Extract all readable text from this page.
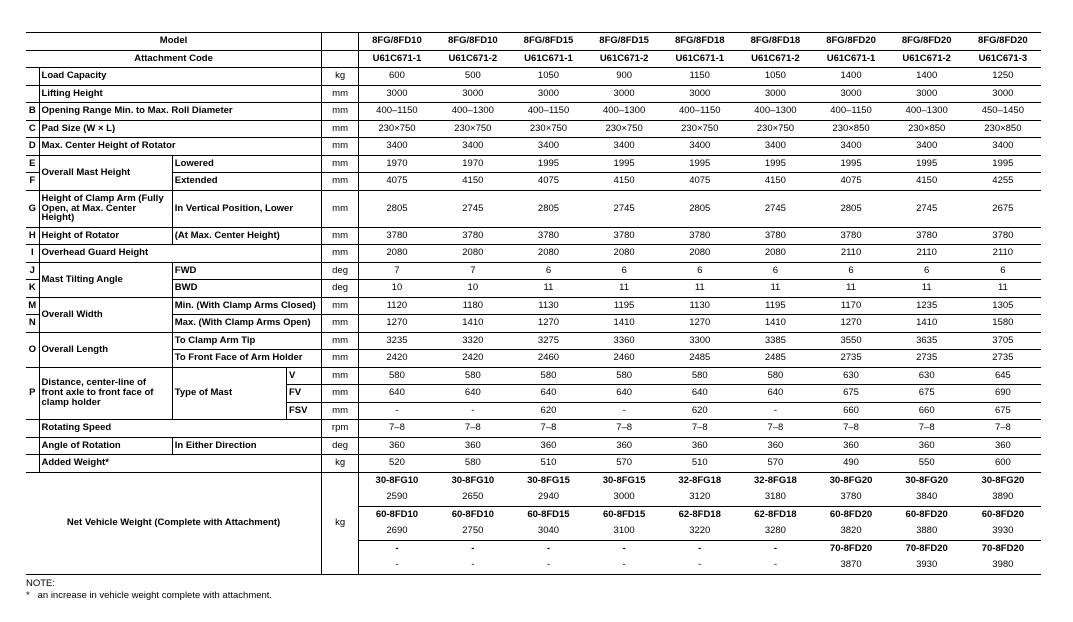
Model					8FG/8FD10	8FG/8FD10	8FG/8FD15	8FG/8FD15	8FG/8FD18	8FG/8FD18	8FG/8FD20	8FG/8FD20	8FG/8FD20
Attachment Code					U61C671-1	U61C671-2	U61C671-1	U61C671-2	U61C671-1	U61C671-2	U61C671-1	U61C671-2	U61C671-3
	Load Capacity			kg	600	500	1050	900	1150	1050	1400	1400	1250
	Lifting Height			mm	3000	3000	3000	3000	3000	3000	3000	3000	3000
B	Opening Range Min. to Max. Roll Diameter			mm	400–1150	400–1300	400–1150	400–1300	400–1150	400–1300	400–1150	400–1300	450–1450
C	Pad Size (W × L)			mm	230×750	230×750	230×750	230×750	230×750	230×750	230×850	230×850	230×850
D	Max. Center Height of Rotator			mm	3400	3400	3400	3400	3400	3400	3400	3400	3400
E	Overall Mast Height	Lowered		mm	1970	1970	1995	1995	1995	1995	1995	1995	1995
F		Extended		mm	4075	4150	4075	4150	4075	4150	4075	4150	4255
G	Height of Clamp Arm (Fully Open, at Max. Center Height)	In Vertical Position, Lower		mm	2805	2745	2805	2745	2805	2745	2805	2745	2675
H	Height of Rotator	(At Max. Center Height)		mm	3780	3780	3780	3780	3780	3780	3780	3780	3780
I	Overhead Guard Height			mm	2080	2080	2080	2080	2080	2080	2110	2110	2110
J	Mast Tilting Angle	FWD		deg	7	7	6	6	6	6	6	6	6
K		BWD		deg	10	10	11	11	11	11	11	11	11
M	Overall Width	Min. (With Clamp Arms Closed)		mm	1120	1180	1130	1195	1130	1195	1170	1235	1305
N		Max. (With Clamp Arms Open)		mm	1270	1410	1270	1410	1270	1410	1270	1410	1580
O	Overall Length	To Clamp Arm Tip		mm	3235	3320	3275	3360	3300	3385	3550	3635	3705
		To Front Face of Arm Holder		mm	2420	2420	2460	2460	2485	2485	2735	2735	2735
P	Distance, center-line of front axle to front face of clamp holder	Type of Mast	V	mm	580	580	580	580	580	580	630	630	645
			FV	mm	640	640	640	640	640	640	675	675	690
			FSV	mm	-	-	620	-	620	-	660	660	675
	Rotating Speed			rpm	7–8	7–8	7–8	7–8	7–8	7–8	7–8	7–8	7–8
	Angle of Rotation	In Either Direction		deg	360	360	360	360	360	360	360	360	360
	Added Weight*			kg	520	580	510	570	510	570	490	550	600
Net Vehicle Weight (Complete with Attachment)				kg	30-8FG10	30-8FG10	30-8FG15	30-8FG15	32-8FG18	32-8FG18	30-8FG20	30-8FG20	30-8FG20
					2590	2650	2940	3000	3120	3180	3780	3840	3890
					60-8FD10	60-8FD10	60-8FD15	60-8FD15	62-8FD18	62-8FD18	60-8FD20	60-8FD20	60-8FD20
					2690	2750	3040	3100	3220	3280	3820	3880	3930
					-	-	-	-	-	-	70-8FD20	70-8FD20	70-8FD20
					-	-	-	-	-	-	3870	3930	3980
NOTE:
*   an increase in vehicle weight complete with attachment.
